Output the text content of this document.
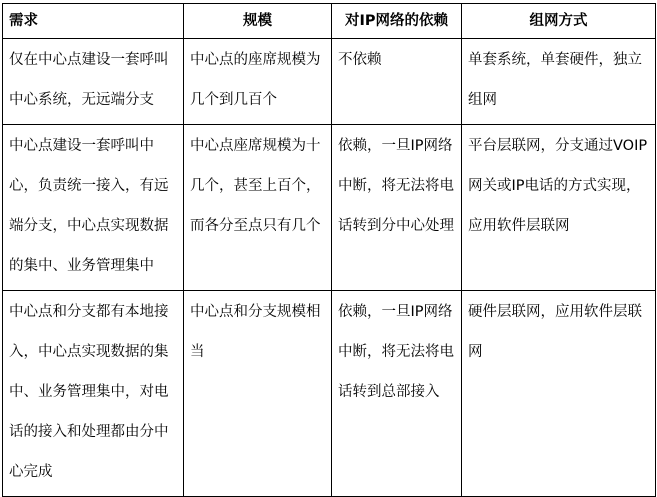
需求	规模	对IP网络的依赖	组网方式

仅在中心点建设一套呼叫中心系统，无远端分支	中心点的座席规模为几个到几百个	不依赖	单套系统，单套硬件，独立组网

中心点建设一套呼叫中心，负责统一接入，有远端分支，中心点实现数据的集中、业务管理集中	中心点座席规模为十几个，甚至上百个，而各分至点只有几个	依赖，一旦IP网络中断，将无法将电话转到分中心处理	平台层联网，分支通过VOIP网关或IP电话的方式实现，应用软件层联网

中心点和分支都有本地接入，中心点实现数据的集中、业务管理集中，对电话的接入和处理都由分中心完成	中心点和分支规模相当	依赖，一旦IP网络中断，将无法将电话转到总部接入	硬件层联网，应用软件层联网
